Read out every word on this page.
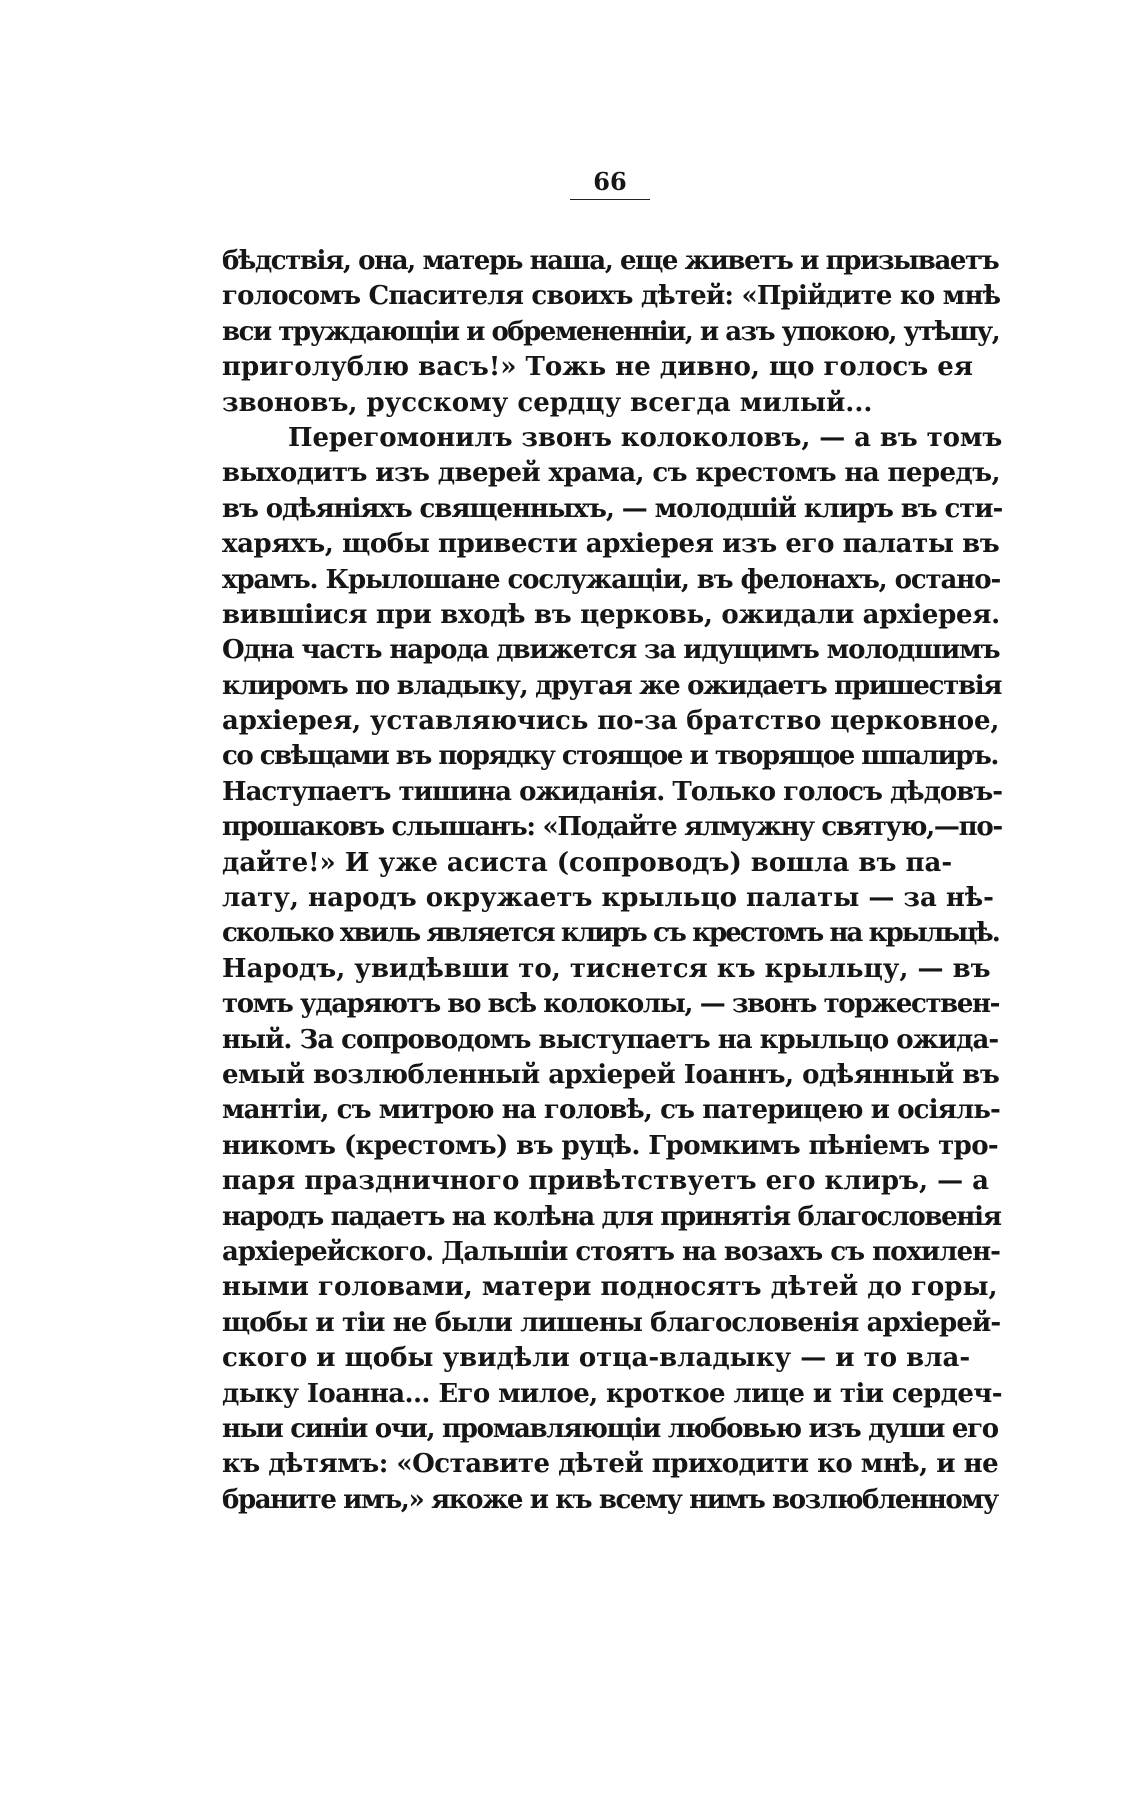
66
бѣдствія, она, матерь наша, еще живетъ и призываетъ
голосомъ Спасителя своихъ дѣтей: «Прійдите ко мнѣ
вси труждающіи и обремененніи, и азъ упокою, утѣшу,
приголублю васъ!» Тожь не дивно, що голосъ ея
звоновъ, русскому сердцу всегда милый...
Перегомонилъ звонъ колоколовъ, — а въ томъ
выходитъ изъ дверей храма, съ крестомъ на передъ,
въ одѣяніяхъ священныхъ, — молодшій клиръ въ сти-
харяхъ, щобы привести архіерея изъ его палаты въ
храмъ. Крылошане сослужащіи, въ фелонахъ, остано-
вившіися при входѣ въ церковь, ожидали архіерея.
Одна часть народа движется за идущимъ молодшимъ
клиромъ по владыку, другая же ожидаетъ пришествія
архіерея, уставляючись по-за братство церковное,
со свѣщами въ порядку стоящое и творящое шпалиръ.
Наступаетъ тишина ожиданія. Только голосъ дѣдовъ-
прошаковъ слышанъ: «Подайте ялмужну святую,—по-
дайте!» И уже асиста (сопроводъ) вошла въ па-
лату, народъ окружаетъ крыльцо палаты — за нѣ-
сколько хвиль является клиръ съ крестомъ на крыльцѣ.
Народъ, увидѣвши то, тиснется къ крыльцу, — въ
томъ ударяютъ во всѣ колоколы, — звонъ торжествен-
ный. За сопроводомъ выступаетъ на крыльцо ожида-
емый возлюбленный архіерей Іоаннъ, одѣянный въ
мантіи, съ митрою на головѣ, съ патерицею и осіяль-
никомъ (крестомъ) въ руцѣ. Громкимъ пѣніемъ тро-
паря праздничного привѣтствуетъ его клиръ, — а
народъ падаетъ на колѣна для принятія благословенія
архіерейского. Дальшіи стоятъ на возахъ съ похилен-
ными головами, матери подносятъ дѣтей до горы,
щобы и тіи не были лишены благословенія архіерей-
ского и щобы увидѣли отца-владыку — и то вла-
дыку Іоанна... Его милое, кроткое лице и тіи сердеч-
ныи синіи очи, промавляющіи любовью изъ души его
къ дѣтямъ: «Оставите дѣтей приходити ко мнѣ, и не
браните имъ,» якоже и къ всему нимъ возлюбленному
